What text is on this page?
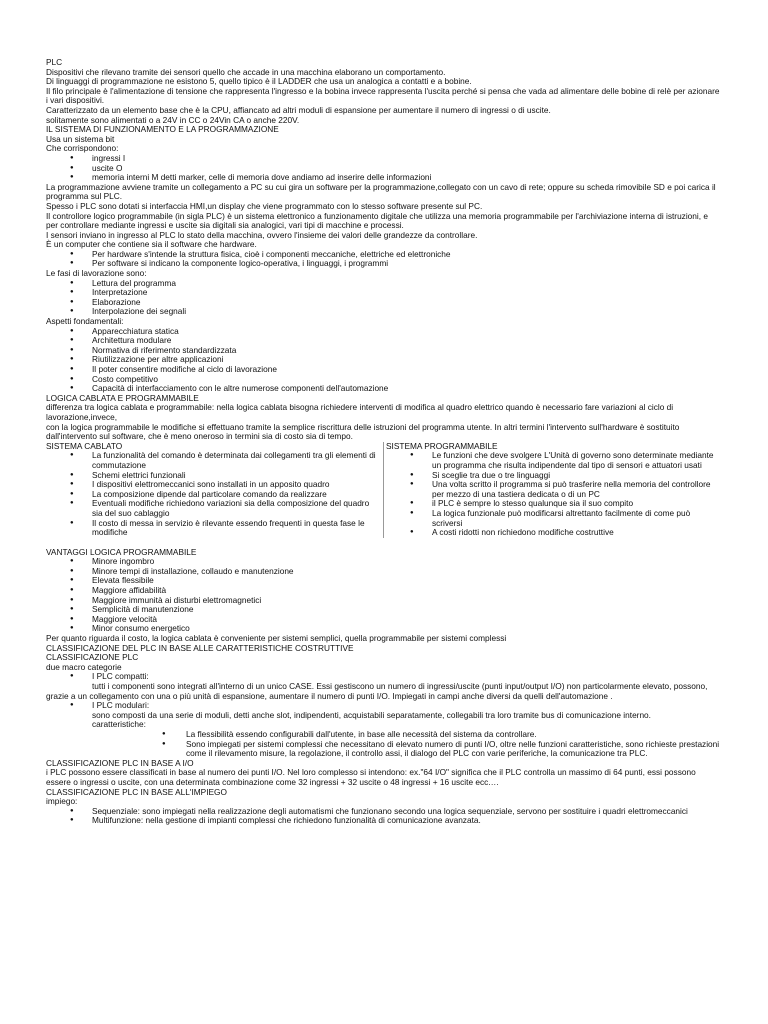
PLC

Dispositivi che rilevano tramite dei sensori quello che accade in una macchina elaborano un comportamento.

Di linguaggi di programmazione ne esistono 5, quello tipico è il LADDER che usa un analogica a contatti e a bobine.

Il filo principale è l'alimentazione di tensione che rappresenta l'ingresso e la bobina invece rappresenta l'uscita perché si pensa che vada ad alimentare delle bobine di relè per azionare i vari dispositivi.

Caratterizzato da un elemento base che è la CPU, affiancato ad altri moduli di espansione per aumentare il numero di ingressi o di uscite.

solitamente sono alimentati o a 24V in CC o 24Vin CA o anche 220V.

IL SISTEMA DI FUNZIONAMENTO E LA PROGRAMMAZIONE

Usa un sistema bit

Che corrispondono:

● ingressi I
● uscite O
● memoria interni M detti marker, celle di memoria dove andiamo ad inserire delle informazioni

La programmazione avviene tramite un collegamento a PC su cui gira un software per la programmazione,collegato con un cavo di rete; oppure su scheda rimovibile SD e poi carica il programma sul PLC.

Spesso i PLC sono dotati si interfaccia HMI,un display che viene programmato con lo stesso software presente sul PC.

Il controllore logico programmabile (in sigla PLC) è un sistema elettronico a funzionamento digitale che utilizza una memoria programmabile per l'archiviazione interna di istruzioni, e per controllare mediante ingressi e uscite sia digitali sia analogici, vari tipi di macchine e processi.

I sensori inviano in ingresso al PLC lo stato della macchina, ovvero l'insieme dei valori delle grandezze da controllare.

È un computer che contiene sia il software che hardware.

● Per hardware s'intende la struttura fisica, cioè i componenti meccaniche, elettriche ed elettroniche
● Per software si indicano la componente logico-operativa, i linguaggi, i programmi

Le fasi di lavorazione sono:

● Lettura del programma
● Interpretazione
● Elaborazione
● Interpolazione dei segnali

Aspetti fondamentali:

● Apparecchiatura statica
● Architettura modulare
● Normativa di riferimento standardizzata
● Riutilizzazione per altre applicazioni
● Il poter consentire modifiche al ciclo di lavorazione
● Costo competitivo
● Capacità di interfacciamento con le altre numerose componenti dell'automazione

LOGICA CABLATA E PROGRAMMABILE

differenza tra logica cablata e programmabile: nella logica cablata bisogna richiedere interventi di modifica al quadro elettrico quando è necessario fare variazioni al ciclo di lavorazione,invece,

con la logica programmabile le modifiche si effettuano tramite la semplice riscrittura delle istruzioni del programma utente. In altri termini l'intervento sull'hardware è sostituito dall'intervento sul software, che è meno oneroso in termini sia di costo sia di tempo.

SISTEMA CABLATO

● La funzionalità del comando è determinata dai collegamenti tra gli elementi di commutazione
● Schemi elettrici funzionali
● I dispositivi elettromeccanici sono installati in un apposito quadro
● La composizione dipende dal particolare comando da realizzare
● Eventuali modifiche richiedono variazioni sia della composizione del quadro sia del suo cablaggio
● Il costo di messa in servizio è rilevante essendo frequenti in questa fase le modifiche

SISTEMA PROGRAMMABILE

● Le funzioni che deve svolgere L'Unità di governo sono determinate mediante un programma che risulta indipendente dal tipo di sensori e attuatori usati
● Si sceglie tra due o tre linguaggi
● Una volta scritto il programma si può trasferire nella memoria del controllore per mezzo di una tastiera dedicata o di un PC
● il PLC è sempre lo stesso qualunque sia il suo compito
● La logica funzionale può modificarsi altrettanto facilmente di come può scriversi
● A costi ridotti non richiedono modifiche costruttive

VANTAGGI LOGICA PROGRAMMABILE

● Minore ingombro
● Minore tempi di installazione, collaudo e manutenzione
● Elevata flessibile
● Maggiore affidabilità
● Maggiore immunità ai disturbi elettromagnetici
● Semplicità di manutenzione
● Maggiore velocità
● Minor consumo energetico

Per quanto riguarda il costo, la logica cablata è conveniente per sistemi semplici, quella programmabile per sistemi complessi

CLASSIFICAZIONE DEL PLC IN BASE ALLE CARATTERISTICHE COSTRUTTIVE

CLASSIFICAZIONE PLC

due macro categorie

● I PLC compatti:

tutti i componenti sono integrati all'interno di un unico CASE. Essi gestiscono un numero di ingressi/uscite (punti input/output I/O) non particolarmente elevato, possono, grazie a un collegamento con una o più unità di espansione, aumentare il numero di punti I/O. Impiegati in campi anche diversi da quelli dell'automazione .

● I PLC modulari:

sono composti da una serie di moduli, detti anche slot, indipendenti, acquistabili separatamente, collegabili tra loro tramite bus di comunicazione interno.

caratteristiche:

● La flessibilità essendo configurabili dall'utente, in base alle necessità del sistema da controllare.
● Sono impiegati per sistemi complessi che necessitano di elevato numero di punti I/O, oltre nelle funzioni caratteristiche, sono richieste prestazioni come il rilevamento misure, la regolazione, il controllo assi, il dialogo del PLC con varie periferiche, la comunicazione tra PLC.

CLASSIFICAZIONE PLC IN BASE A I/O

i PLC possono essere classificati in base al numero dei punti I/O. Nel loro complesso si intendono: ex."64 I/O" significa che il PLC controlla un massimo di 64 punti, essi possono essere o ingressi o uscite, con una determinata combinazione come 32 ingressi + 32 uscite o 48 ingressi + 16 uscite ecc.…

CLASSIFICAZIONE PLC IN BASE ALL'IMPIEGO

impiego:

● Sequenziale: sono impiegati nella realizzazione degli automatismi che funzionano secondo una logica sequenziale, servono per sostituire i quadri elettromeccanici
● Multifunzione: nella gestione di impianti complessi che richiedono funzionalità di comunicazione avanzata.
